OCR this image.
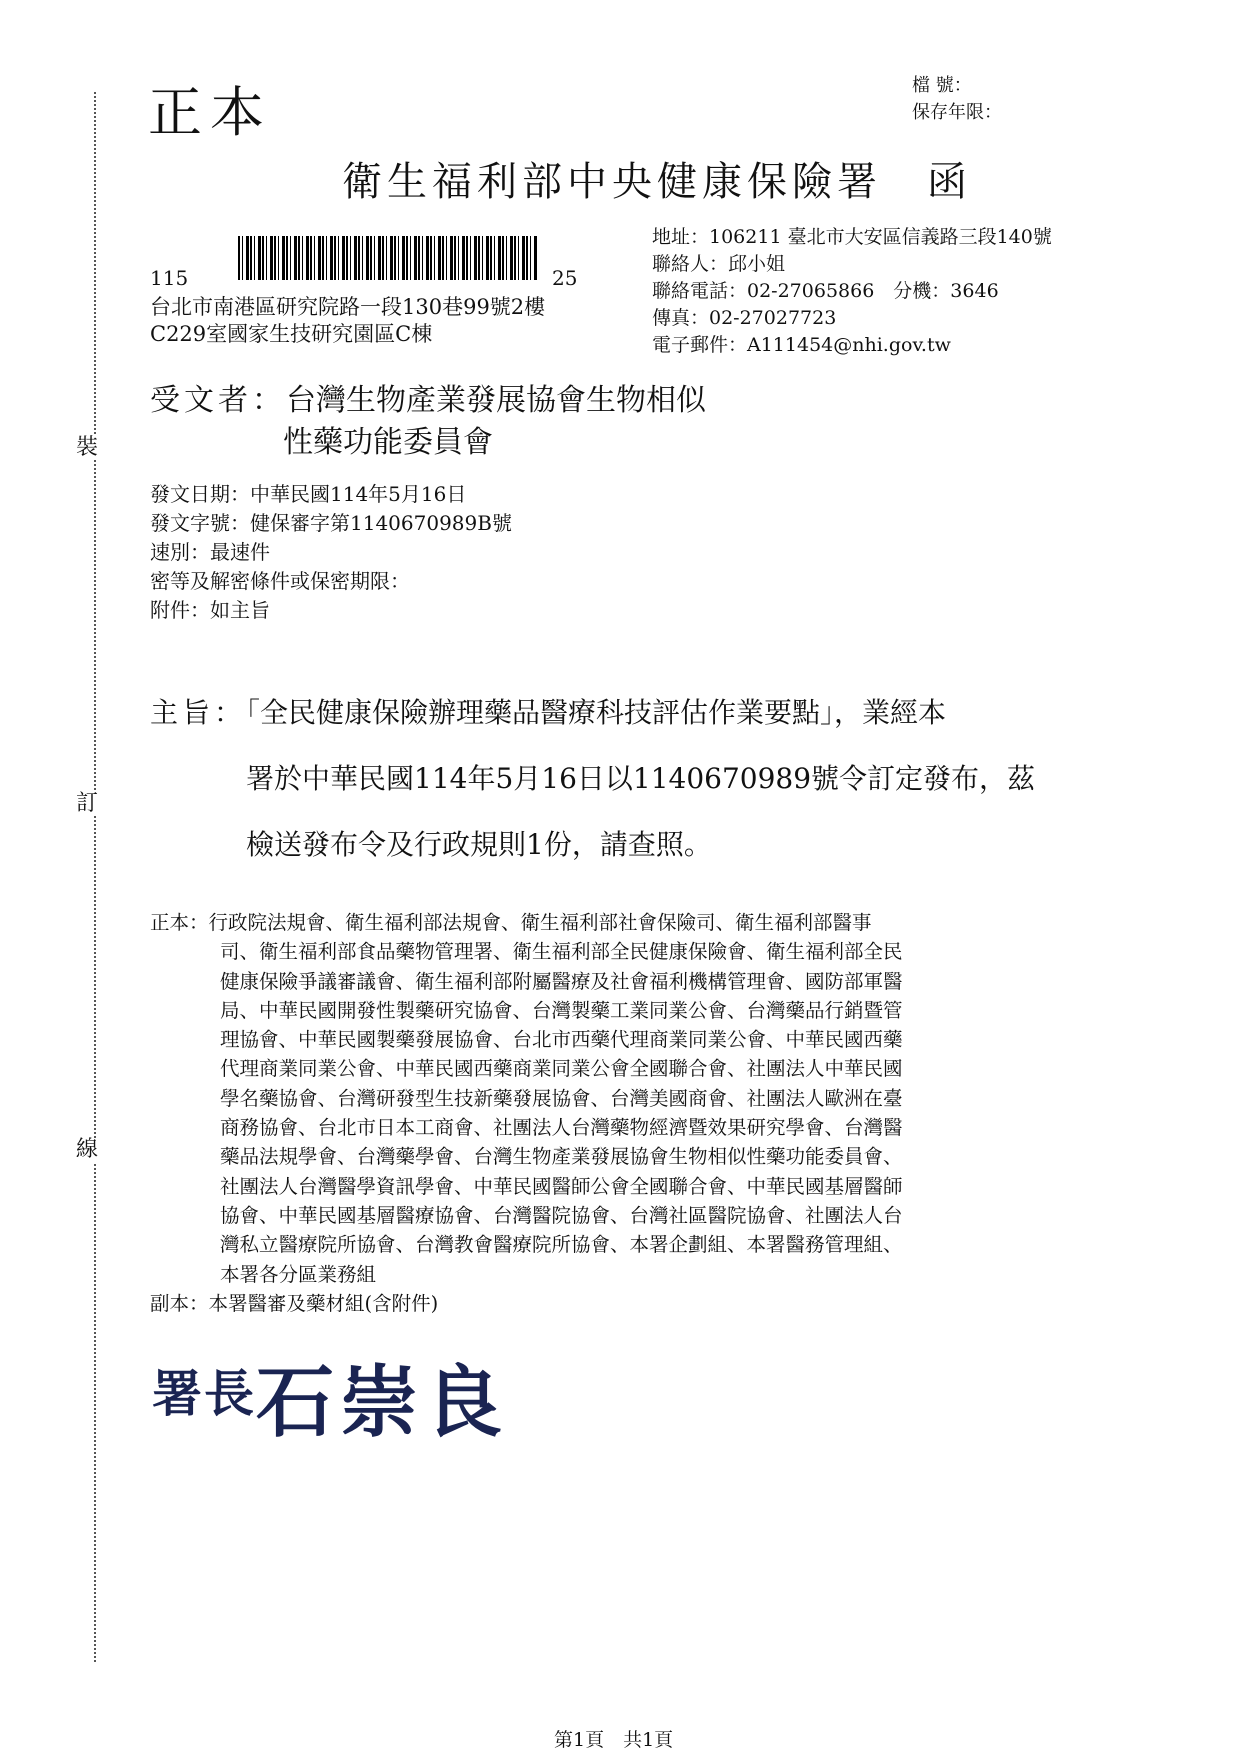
裝
訂
線
正本	檔 號：
保存年限：
衛生福利部中央健康保險署　函
115	25
台北市南港區研究院路一段130巷99號2樓
C229室國家生技研究園區C棟
地址：106211 臺北市大安區信義路三段140號
聯絡人：邱小姐
聯絡電話：02-27065866　分機：3646
傳真：02-27027723
電子郵件：A111454@nhi.gov.tw
受文者：台灣生物產業發展協會生物相似
性藥功能委員會
發文日期：中華民國114年5月16日
發文字號：健保審字第1140670989B號
速別：最速件
密等及解密條件或保密期限：
附件：如主旨
主旨：「全民健康保險辦理藥品醫療科技評估作業要點」，業經本
署於中華民國114年5月16日以1140670989號令訂定發布，茲
檢送發布令及行政規則1份，請查照。
正本：行政院法規會、衛生福利部法規會、衛生福利部社會保險司、衛生福利部醫事
司、衛生福利部食品藥物管理署、衛生福利部全民健康保險會、衛生福利部全民
健康保險爭議審議會、衛生福利部附屬醫療及社會福利機構管理會、國防部軍醫
局、中華民國開發性製藥研究協會、台灣製藥工業同業公會、台灣藥品行銷暨管
理協會、中華民國製藥發展協會、台北市西藥代理商業同業公會、中華民國西藥
代理商業同業公會、中華民國西藥商業同業公會全國聯合會、社團法人中華民國
學名藥協會、台灣研發型生技新藥發展協會、台灣美國商會、社團法人歐洲在臺
商務協會、台北市日本工商會、社團法人台灣藥物經濟暨效果研究學會、台灣醫
藥品法規學會、台灣藥學會、台灣生物產業發展協會生物相似性藥功能委員會、
社團法人台灣醫學資訊學會、中華民國醫師公會全國聯合會、中華民國基層醫師
協會、中華民國基層醫療協會、台灣醫院協會、台灣社區醫院協會、社團法人台
灣私立醫療院所協會、台灣教會醫療院所協會、本署企劃組、本署醫務管理組、
本署各分區業務組
副本：本署醫審及藥材組(含附件)
$^{署長}$石崇良
第1頁　共1頁
